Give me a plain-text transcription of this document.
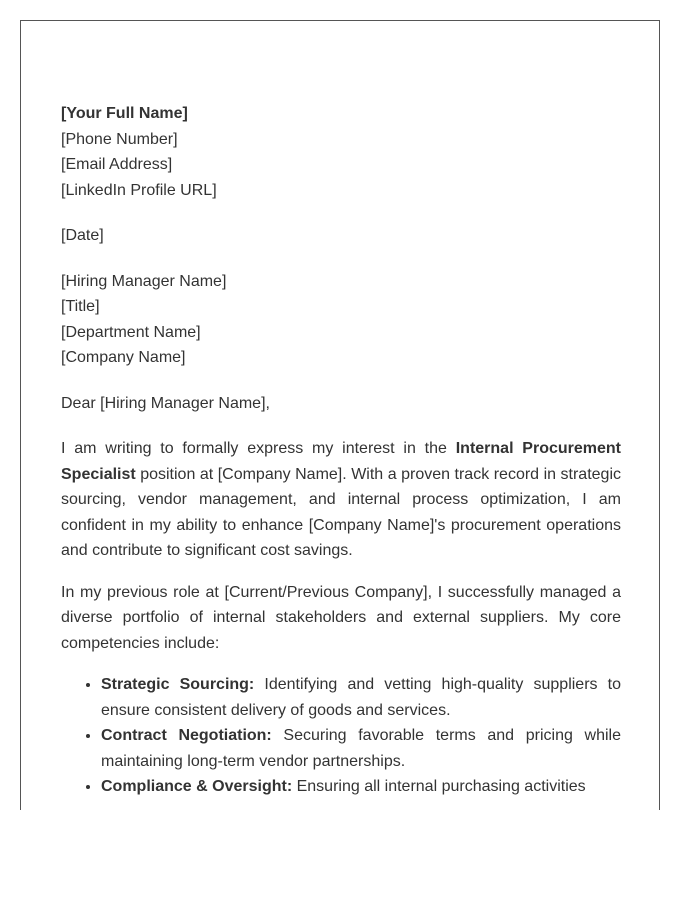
[Your Full Name]
[Phone Number]
[Email Address]
[LinkedIn Profile URL]
[Date]
[Hiring Manager Name]
[Title]
[Department Name]
[Company Name]
Dear [Hiring Manager Name],

I am writing to formally express my interest in the Internal Procurement Specialist position at [Company Name]. With a proven track record in strategic sourcing, vendor management, and internal process optimization, I am confident in my ability to enhance [Company Name]'s procurement operations and contribute to significant cost savings.

In my previous role at [Current/Previous Company], I successfully managed a diverse portfolio of internal stakeholders and external suppliers. My core competencies include:

• Strategic Sourcing: Identifying and vetting high-quality suppliers to ensure consistent delivery of goods and services.
• Contract Negotiation: Securing favorable terms and pricing while maintaining long-term vendor partnerships.
• Compliance & Oversight: Ensuring all internal purchasing activities
